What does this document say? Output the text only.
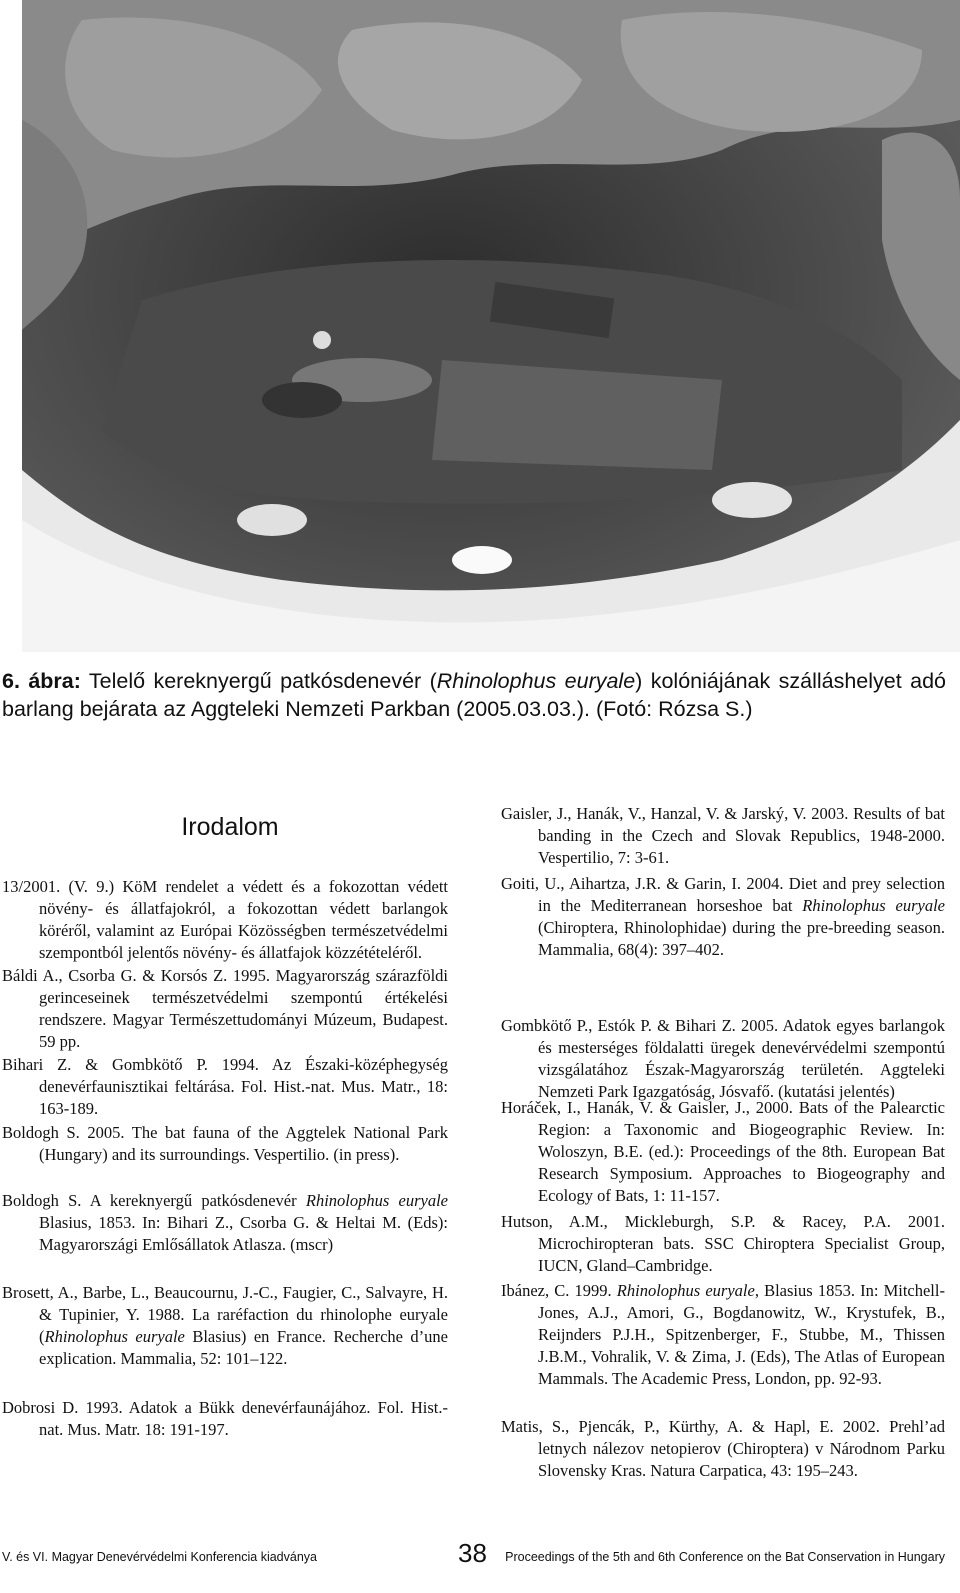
6. ábra: Telelő kereknyergű patkósdenevér (Rhinolophus euryale) kolóniájának szálláshelyet adó barlang bejárata az Aggteleki Nemzeti Parkban (2005.03.03.). (Fotó: Rózsa S.)
Irodalom
V. és VI. Magyar Denevérvédelmi Konferencia kiadványa	38 Proceedings of the 5th and 6th Conference on the Bat Conservation in Hungary
13/2001. (V. 9.) KöM rendelet a védett és a fokozottan védett növény- és állatfajokról, a fokozottan védett barlangok köréről, valamint az Európai Közösségben természetvédelmi szempontból jelentős növény- és állatfajok közzétételéről.
Báldi A., Csorba G. & Korsós Z. 1995. Magyarország szárazföldi gerinceseinek természetvédelmi szempontú értékelési rendszere. Magyar Természettudományi Múzeum, Budapest. 59 pp.
Bihari Z. & Gombkötő P. 1994. Az Északi-középhegység denevérfaunisztikai feltárása. Fol. Hist.-nat. Mus. Matr., 18: 163-189.
Boldogh S. 2005. The bat fauna of the Aggtelek National Park (Hungary) and its surroundings. Vespertilio. (in press).
Boldogh S. A kereknyergű patkósdenevér Rhinolophus euryale Blasius, 1853. In: Bihari Z., Csorba G. & Heltai M. (Eds): Magyarországi Emlősállatok Atlasza. (mscr)
Brosett, A., Barbe, L., Beaucournu, J.-C., Faugier, C., Salvayre, H. & Tupinier, Y. 1988. La raréfaction du rhinolophe euryale (Rhinolophus euryale Blasius) en France. Recherche d’une explication. Mammalia, 52: 101–122.
Dobrosi D. 1993. Adatok a Bükk denevérfaunájához. Fol. Hist.-nat. Mus. Matr. 18: 191-197.
Gaisler, J., Hanák, V., Hanzal, V. & Jarský, V. 2003. Results of bat banding in the Czech and Slovak Republics, 1948-2000. Vespertilio, 7: 3-61.
Goiti, U., Aihartza, J.R. & Garin, I. 2004. Diet and prey selection in the Mediterranean horseshoe bat Rhinolophus euryale (Chiroptera, Rhinolophidae) during the pre-breeding season. Mammalia, 68(4): 397–402.
Gombkötő P., Estók P. & Bihari Z. 2005. Adatok egyes barlangok és mesterséges földalatti üregek denevérvédelmi szempontú vizsgálatához Észak-Magyarország területén. Aggteleki Nemzeti Park Igazgatóság, Jósvafő. (kutatási jelentés)
Horáček, I., Hanák, V. & Gaisler, J., 2000. Bats of the Palearctic Region: a Taxonomic and Biogeographic Review. In: Woloszyn, B.E. (ed.): Proceedings of the 8th. European Bat Research Symposium. Approaches to Biogeography and Ecology of Bats, 1: 11-157.
Hutson, A.M., Mickleburgh, S.P. & Racey, P.A. 2001. Microchiropteran bats. SSC Chiroptera Specialist Group, IUCN, Gland–Cambridge.
Ibánez, C. 1999. Rhinolophus euryale, Blasius 1853. In: Mitchell-Jones, A.J., Amori, G., Bogdanowitz, W., Krystufek, B., Reijnders P.J.H., Spitzenberger, F., Stubbe, M., Thissen J.B.M., Vohralik, V. & Zima, J. (Eds), The Atlas of European Mammals. The Academic Press, London, pp. 92-93.
Matis, S., Pjencák, P., Kürthy, A. & Hapl, E. 2002. Prehl’ad letnych nálezov netopierov (Chiroptera) v Národnom Parku Slovensky Kras. Natura Carpatica, 43: 195–243.
